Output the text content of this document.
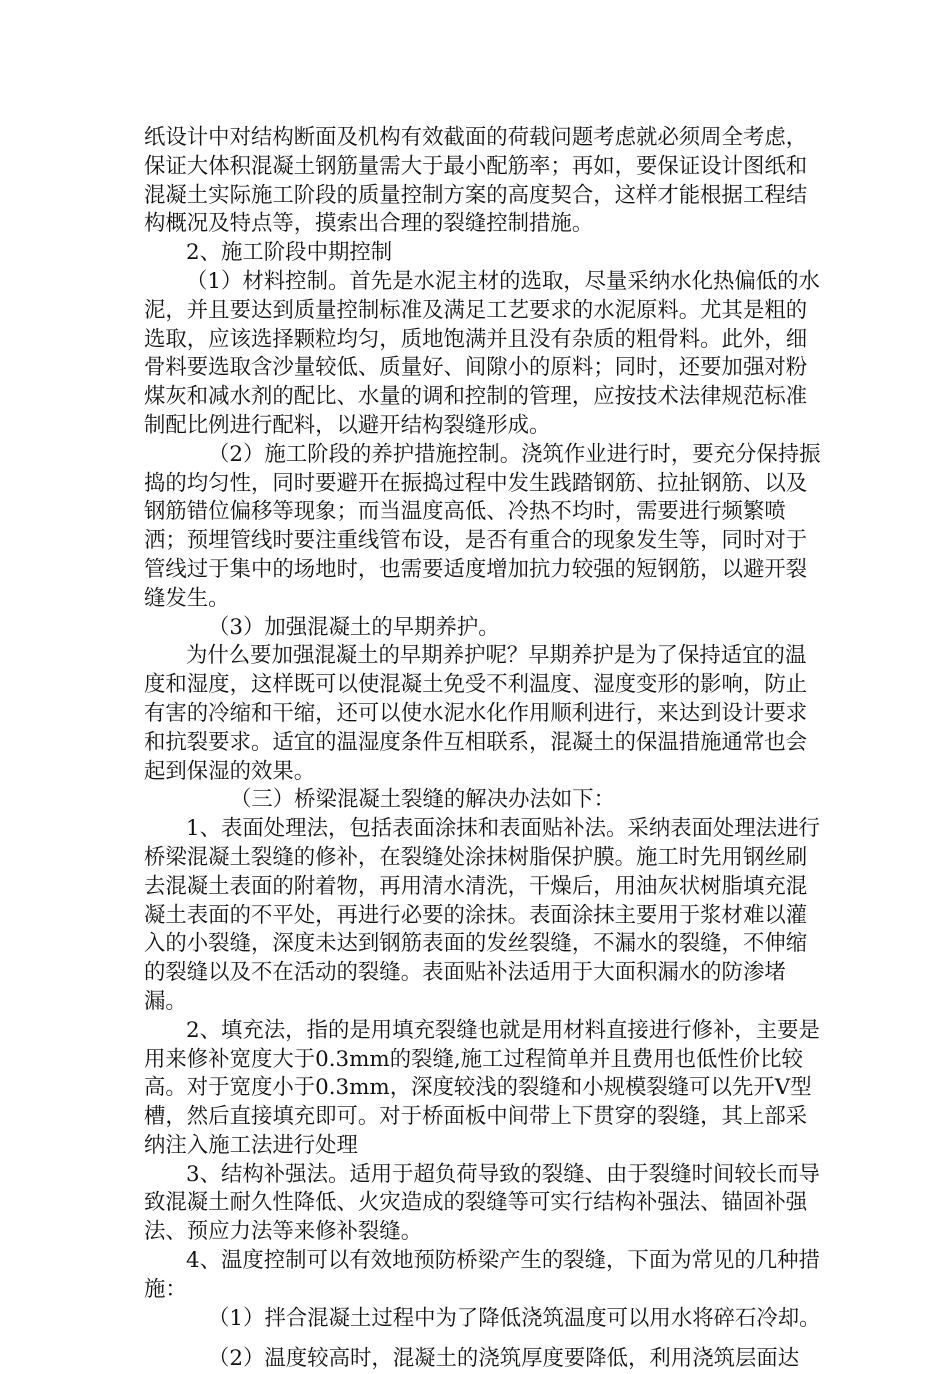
纸设计中对结构断面及机构有效截面的荷载问题考虑就必须周全考虑，保证大体积混凝土钢筋量需大于最小配筋率；再如，要保证设计图纸和混凝土实际施工阶段的质量控制方案的高度契合，这样才能根据工程结构概况及特点等，摸索出合理的裂缝控制措施。

2、施工阶段中期控制

（1）材料控制。首先是水泥主材的选取，尽量采纳水化热偏低的水泥，并且要达到质量控制标准及满足工艺要求的水泥原料。尤其是粗的选取，应该选择颗粒均匀，质地饱满并且没有杂质的粗骨料。此外，细骨料要选取含沙量较低、质量好、间隙小的原料；同时，还要加强对粉煤灰和减水剂的配比、水量的调和控制的管理，应按技术法律规范标准制配比例进行配料，以避开结构裂缝形成。

（2）施工阶段的养护措施控制。浇筑作业进行时，要充分保持振捣的均匀性，同时要避开在振捣过程中发生践踏钢筋、拉扯钢筋、以及钢筋错位偏移等现象；而当温度高低、冷热不均时，需要进行频繁喷洒；预埋管线时要注重线管布设，是否有重合的现象发生等，同时对于管线过于集中的场地时，也需要适度增加抗力较强的短钢筋，以避开裂缝发生。

（3）加强混凝土的早期养护。

为什么要加强混凝土的早期养护呢？早期养护是为了保持适宜的温度和湿度，这样既可以使混凝土免受不利温度、湿度变形的影响，防止有害的冷缩和干缩，还可以使水泥水化作用顺利进行，来达到设计要求和抗裂要求。适宜的温湿度条件互相联系，混凝土的保温措施通常也会起到保湿的效果。

（三）桥梁混凝土裂缝的解决办法如下：

1、表面处理法，包括表面涂抹和表面贴补法。采纳表面处理法进行桥梁混凝土裂缝的修补，在裂缝处涂抹树脂保护膜。施工时先用钢丝刷去混凝土表面的附着物，再用清水清洗，干燥后，用油灰状树脂填充混凝土表面的不平处，再进行必要的涂抹。表面涂抹主要用于浆材难以灌入的小裂缝，深度未达到钢筋表面的发丝裂缝，不漏水的裂缝，不伸缩的裂缝以及不在活动的裂缝。表面贴补法适用于大面积漏水的防渗堵漏。

2、填充法，指的是用填充裂缝也就是用材料直接进行修补，主要是用来修补宽度大于0.3mm的裂缝,施工过程简单并且费用也低性价比较高。对于宽度小于0.3mm，深度较浅的裂缝和小规模裂缝可以先开V型槽，然后直接填充即可。对于桥面板中间带上下贯穿的裂缝，其上部采纳注入施工法进行处理

3、结构补强法。适用于超负荷导致的裂缝、由于裂缝时间较长而导致混凝土耐久性降低、火灾造成的裂缝等可实行结构补强法、锚固补强法、预应力法等来修补裂缝。

4、温度控制可以有效地预防桥梁产生的裂缝，下面为常见的几种措施：

（1）拌合混凝土过程中为了降低浇筑温度可以用水将碎石冷却。

（2）温度较高时，混凝土的浇筑厚度要降低，利用浇筑层面达
